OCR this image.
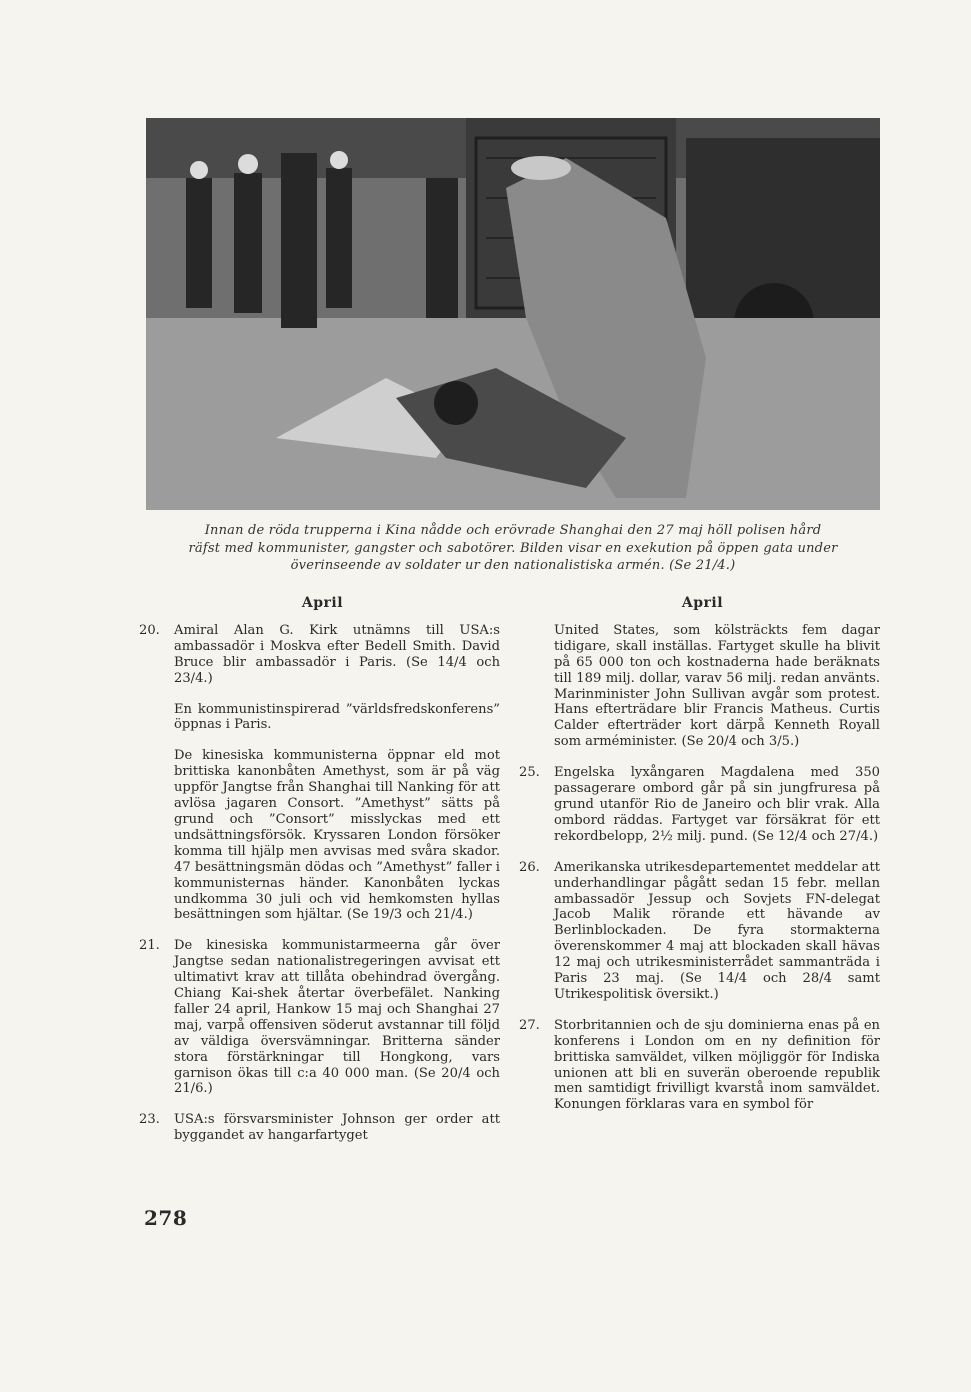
Innan de röda trupperna i Kina nådde och erövrade Shanghai den 27 maj höll polisen hård
räfst med kommunister, gangster och sabotörer. Bilden visar en exekution på öppen gata under
överinseende av soldater ur den nationalistiska armén. (Se 21/4.)
April
20. Amiral Alan G. Kirk utnämns till USA:s ambassadör i Moskva efter Bedell Smith. David Bruce blir ambassadör i Paris. (Se 14/4 och 23/4.)

En kommunistinspirerad ”världsfredskonferens” öppnas i Paris.

De kinesiska kommunisterna öppnar eld mot brittiska kanonbåten Amethyst, som är på väg uppför Jangtse från Shanghai till Nanking för att avlösa jagaren Consort. ”Amethyst” sätts på grund och ”Consort” misslyckas med ett undsättningsförsök. Kryssaren London försöker komma till hjälp men avvisas med svåra skador. 47 besättningsmän dödas och ”Amethyst” faller i kommunisternas händer. Kanonbåten lyckas undkomma 30 juli och vid hemkomsten hyllas besättningen som hjältar. (Se 19/3 och 21/4.)

21. De kinesiska kommunistarmeerna går över Jangtse sedan nationalistregeringen avvisat ett ultimativt krav att tillåta obehindrad övergång. Chiang Kai-shek återtar överbefälet. Nanking faller 24 april, Hankow 15 maj och Shanghai 27 maj, varpå offensiven söderut avstannar till följd av väldiga översvämningar. Britterna sänder stora förstärkningar till Hongkong, vars garnison ökas till c:a 40 000 man. (Se 20/4 och 21/6.)

23. USA:s försvarsminister Johnson ger order att byggandet av hangarfartyget

April

United States, som kölsträckts fem dagar tidigare, skall inställas. Fartyget skulle ha blivit på 65 000 ton och kostnaderna hade beräknats till 189 milj. dollar, varav 56 milj. redan använts. Marinminister John Sullivan avgår som protest. Hans efterträdare blir Francis Matheus. Curtis Calder efterträder kort därpå Kenneth Royall som arméminister. (Se 20/4 och 3/5.)

25. Engelska lyxångaren Magdalena med 350 passagerare ombord går på sin jungfruresa på grund utanför Rio de Janeiro och blir vrak. Alla ombord räddas. Fartyget var försäkrat för ett rekordbelopp, 2½ milj. pund. (Se 12/4 och 27/4.)

26. Amerikanska utrikesdepartementet meddelar att underhandlingar pågått sedan 15 febr. mellan ambassadör Jessup och Sovjets FN-delegat Jacob Malik rörande ett hävande av Berlinblockaden. De fyra stormakterna överenskommer 4 maj att blockaden skall hävas 12 maj och utrikesministerrådet sammanträda i Paris 23 maj. (Se 14/4 och 28/4 samt Utrikespolitisk översikt.)

27. Storbritannien och de sju dominierna enas på en konferens i London om en ny definition för brittiska samväldet, vilken möjliggör för Indiska unionen att bli en suverän oberoende republik men samtidigt frivilligt kvarstå inom samväldet. Konungen förklaras vara en symbol för

278
